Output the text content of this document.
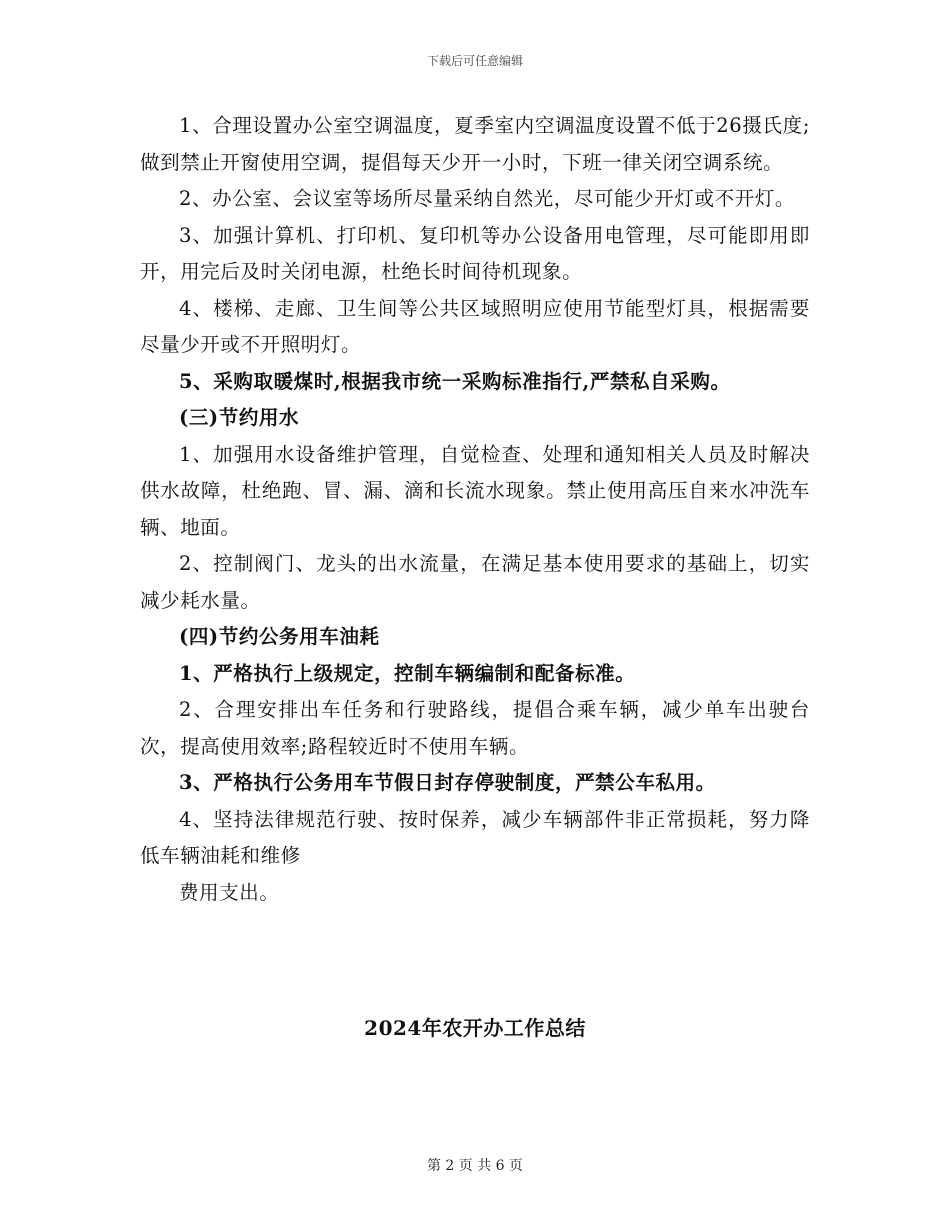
下载后可任意编辑

1、合理设置办公室空调温度，夏季室内空调温度设置不低于26摄氏度;做到禁止开窗使用空调，提倡每天少开一小时，下班一律关闭空调系统。

2、办公室、会议室等场所尽量采纳自然光，尽可能少开灯或不开灯。

3、加强计算机、打印机、复印机等办公设备用电管理，尽可能即用即开，用完后及时关闭电源，杜绝长时间待机现象。

4、楼梯、走廊、卫生间等公共区域照明应使用节能型灯具，根据需要尽量少开或不开照明灯。

5、采购取暖煤时,根据我市统一采购标准指行,严禁私自采购。

(三)节约用水

1、加强用水设备维护管理，自觉检查、处理和通知相关人员及时解决供水故障，杜绝跑、冒、漏、滴和长流水现象。禁止使用高压自来水冲洗车辆、地面。

2、控制阀门、龙头的出水流量，在满足基本使用要求的基础上，切实减少耗水量。

(四)节约公务用车油耗

1、严格执行上级规定，控制车辆编制和配备标准。

2、合理安排出车任务和行驶路线，提倡合乘车辆，减少单车出驶台次，提高使用效率;路程较近时不使用车辆。

3、严格执行公务用车节假日封存停驶制度，严禁公车私用。

4、坚持法律规范行驶、按时保养，减少车辆部件非正常损耗，努力降低车辆油耗和维修

费用支出。

2024年农开办工作总结
第 2 页 共 6 页
